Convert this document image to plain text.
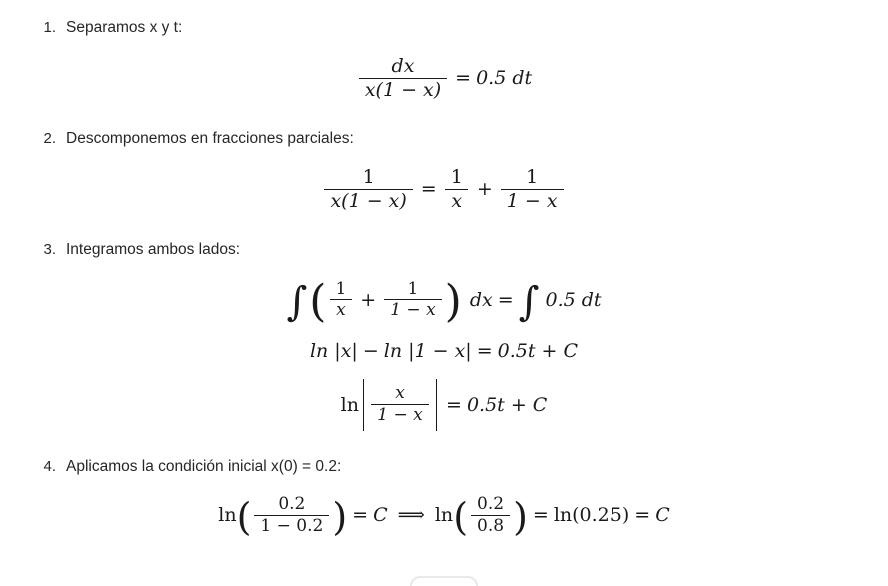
1. Separamos x y t:
$\frac{dx}{x(1 - x)} = 0.5$ dt
2. Descomponemos en fracciones parciales:
$\frac{1}{x(1 - x)} = \frac{1}{x} + \frac{1}{1 - x}$
3. Integramos ambos lados:
∫ ( $\frac{1}{x} + \frac{1}{1 - x}$ ) dx = ∫ 0.5 dt
ln |x| − ln |1 − x| = 0.5t + C
$\ln \frac{x}{1 - x} = 0.5t + C$
4. Aplicamos la condición inicial x(0) = 0.2:
ln ( $\frac{0.2}{1 - 0.2}$ ) = C ⟹ ln ( $\frac{0.2}{0.8}$ ) = ln(0.25) = C
